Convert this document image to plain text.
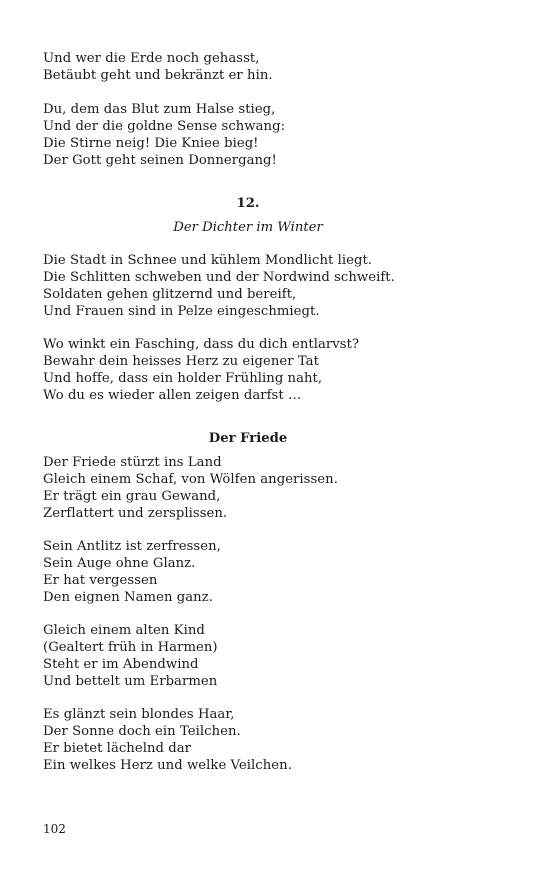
Und wer die Erde noch gehasst,
Betäubt geht und bekränzt er hin.
Du, dem das Blut zum Halse stieg,
Und der die goldne Sense schwang:
Die Stirne neig! Die Kniee bieg!
Der Gott geht seinen Donnergang!
12.
Der Dichter im Winter
Die Stadt in Schnee und kühlem Mondlicht liegt.
Die Schlitten schweben und der Nordwind schweift.
Soldaten gehen glitzernd und bereift,
Und Frauen sind in Pelze eingeschmiegt.
Wo winkt ein Fasching, dass du dich entlarvst?
Bewahr dein heisses Herz zu eigener Tat
Und hoffe, dass ein holder Frühling naht,
Wo du es wieder allen zeigen darfst …
Der Friede
Der Friede stürzt ins Land
Gleich einem Schaf, von Wölfen angerissen.
Er trägt ein grau Gewand,
Zerflattert und zersplissen.
Sein Antlitz ist zerfressen,
Sein Auge ohne Glanz.
Er hat vergessen
Den eignen Namen ganz.
Gleich einem alten Kind
(Gealtert früh in Harmen)
Steht er im Abendwind
Und bettelt um Erbarmen
Es glänzt sein blondes Haar,
Der Sonne doch ein Teilchen.
Er bietet lächelnd dar
Ein welkes Herz und welke Veilchen.
102
